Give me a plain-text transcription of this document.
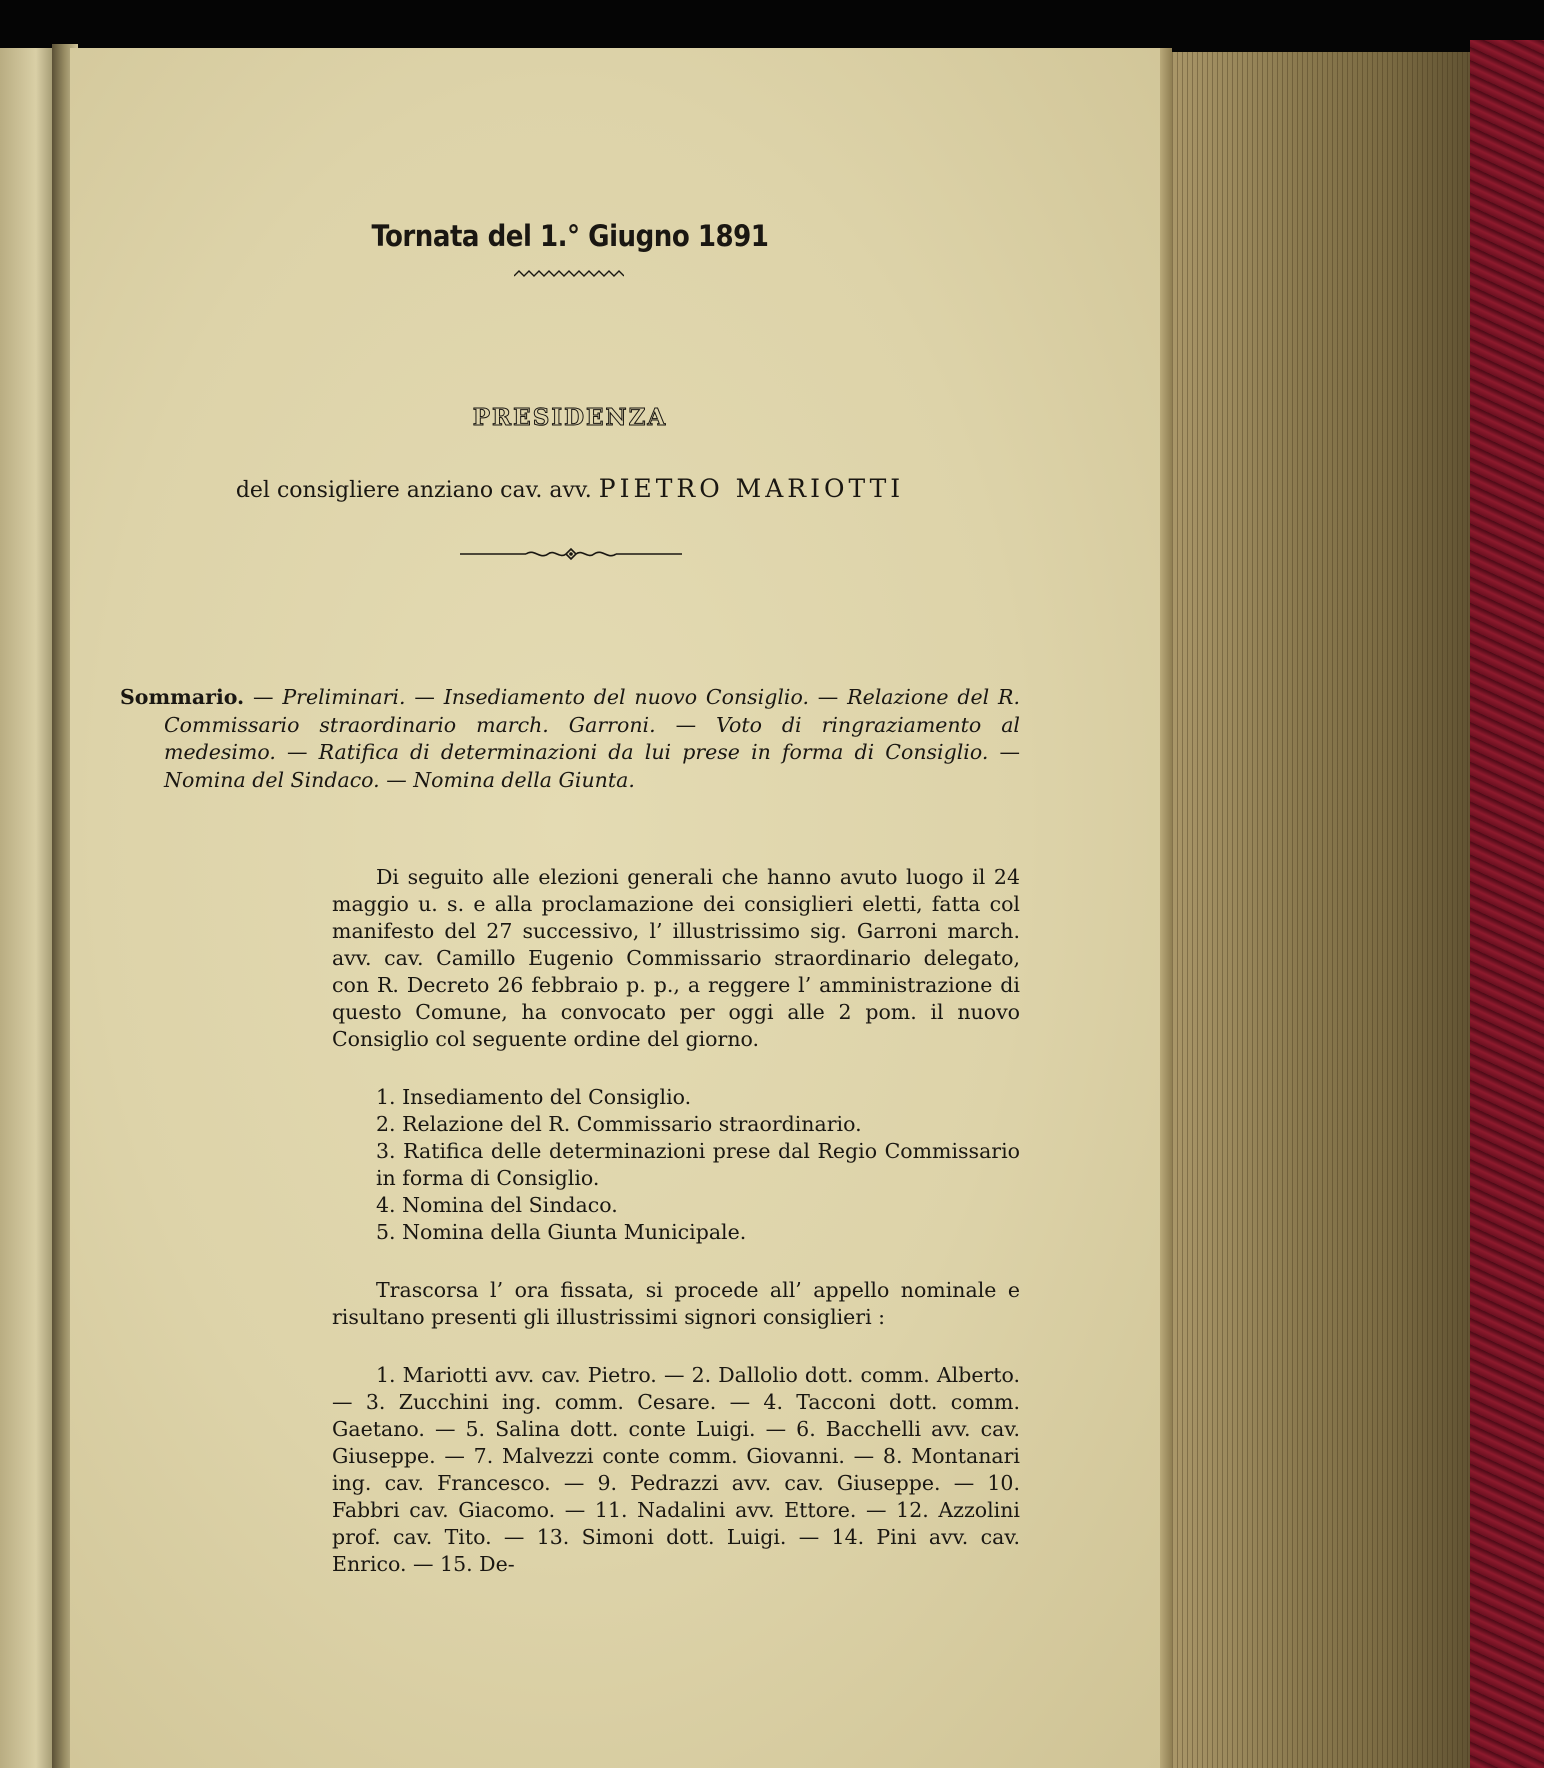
Tornata del 1.° Giugno 1891
PRESIDENZA

del consigliere anziano cav. avv. PIETRO MARIOTTI

Sommario. — Preliminari. — Insediamento del nuovo Consiglio. — Relazione del R. Commissario straordinario march. Garroni. — Voto di ringraziamento al medesimo. — Ratifica di determinazioni da lui prese in forma di Consiglio. — Nomina del Sindaco. — Nomina della Giunta.

Di seguito alle elezioni generali che hanno avuto luogo il 24 maggio u. s. e alla proclamazione dei consiglieri eletti, fatta col manifesto del 27 successivo, l’ illustrissimo sig. Garroni march. avv. cav. Camillo Eugenio Commissario straordinario delegato, con R. Decreto 26 febbraio p. p., a reggere l’ amministrazione di questo Comune, ha convocato per oggi alle 2 pom. il nuovo Consiglio col seguente ordine del giorno.

1. Insediamento del Consiglio.
2. Relazione del R. Commissario straordinario.
3. Ratifica delle determinazioni prese dal Regio Commissario in forma di Consiglio.
4. Nomina del Sindaco.
5. Nomina della Giunta Municipale.

Trascorsa l’ ora fissata, si procede all’ appello nominale e risultano presenti gli illustrissimi signori consiglieri :

1. Mariotti avv. cav. Pietro. — 2. Dallolio dott. comm. Alberto. — 3. Zucchini ing. comm. Cesare. — 4. Tacconi dott. comm. Gaetano. — 5. Salina dott. conte Luigi. — 6. Bacchelli avv. cav. Giuseppe. — 7. Malvezzi conte comm. Giovanni. — 8. Montanari ing. cav. Francesco. — 9. Pedrazzi avv. cav. Giuseppe. — 10. Fabbri cav. Giacomo. — 11. Nadalini avv. Ettore. — 12. Azzolini prof. cav. Tito. — 13. Simoni dott. Luigi. — 14. Pini avv. cav. Enrico. — 15. De-
